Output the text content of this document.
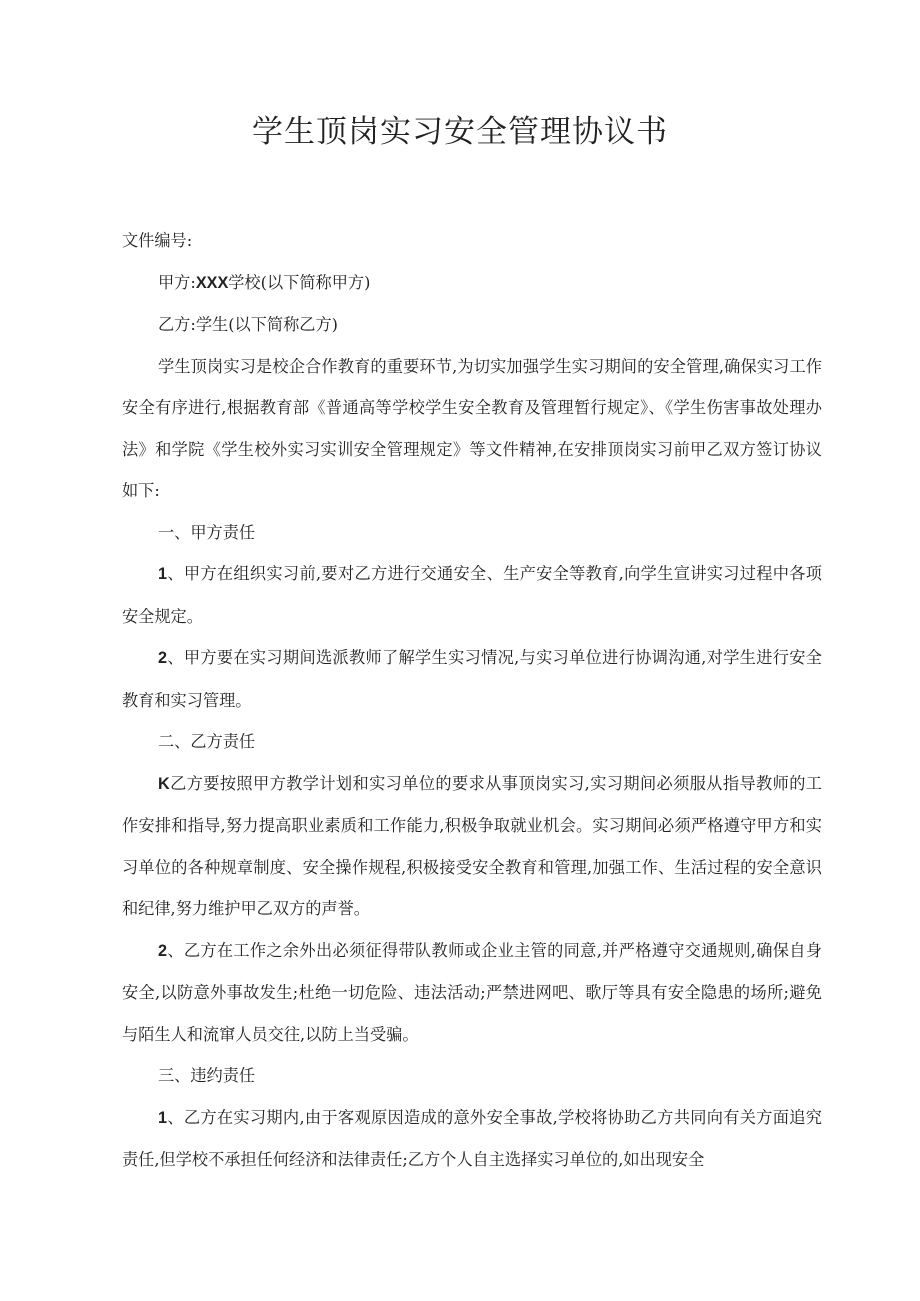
学生顶岗实习安全管理协议书

文件编号:

甲方:XXX学校(以下简称甲方)

乙方:学生(以下简称乙方)

学生顶岗实习是校企合作教育的重要环节,为切实加强学生实习期间的安全管理,确保实习工作安全有序进行,根据教育部《普通高等学校学生安全教育及管理暂行规定》、《学生伤害事故处理办法》和学院《学生校外实习实训安全管理规定》等文件精神,在安排顶岗实习前甲乙双方签订协议如下:

一、甲方责任

1、甲方在组织实习前,要对乙方进行交通安全、生产安全等教育,向学生宣讲实习过程中各项安全规定。

2、甲方要在实习期间选派教师了解学生实习情况,与实习单位进行协调沟通,对学生进行安全教育和实习管理。

二、乙方责任

K乙方要按照甲方教学计划和实习单位的要求从事顶岗实习,实习期间必须服从指导教师的工作安排和指导,努力提高职业素质和工作能力,积极争取就业机会。实习期间必须严格遵守甲方和实习单位的各种规章制度、安全操作规程,积极接受安全教育和管理,加强工作、生活过程的安全意识和纪律,努力维护甲乙双方的声誉。

2、乙方在工作之余外出必须征得带队教师或企业主管的同意,并严格遵守交通规则,确保自身安全,以防意外事故发生;杜绝一切危险、违法活动;严禁进网吧、歌厅等具有安全隐患的场所;避免与陌生人和流窜人员交往,以防上当受骗。

三、违约责任

1、乙方在实习期内,由于客观原因造成的意外安全事故,学校将协助乙方共同向有关方面追究责任,但学校不承担任何经济和法律责任;乙方个人自主选择实习单位的,如出现安全
